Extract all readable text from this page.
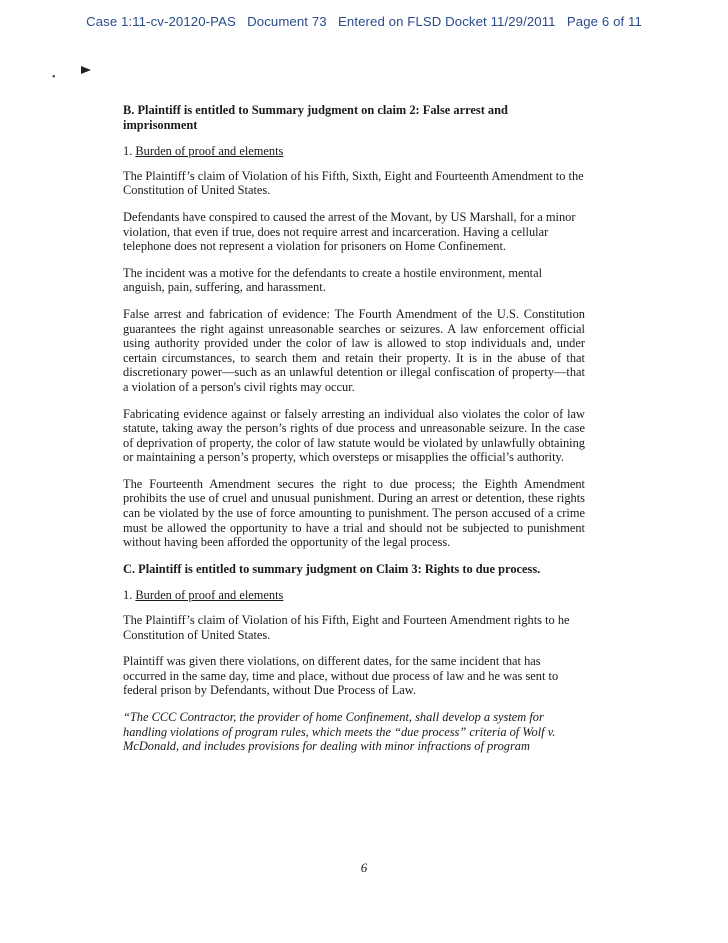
Case 1:11-cv-20120-PAS Document 73 Entered on FLSD Docket 11/29/2011 Page 6 of 11
•

B. Plaintiff is entitled to Summary judgment on claim 2: False arrest and imprisonment

1. Burden of proof and elements

The Plaintiff’s claim of Violation of his Fifth, Sixth, Eight and Fourteenth Amendment to the Constitution of United States.

Defendants have conspired to caused the arrest of the Movant, by US Marshall, for a minor violation, that even if true, does not require arrest and incarceration. Having a cellular telephone does not represent a violation for prisoners on Home Confinement.

The incident was a motive for the defendants to create a hostile environment, mental anguish, pain, suffering, and harassment.

False arrest and fabrication of evidence: The Fourth Amendment of the U.S. Constitution guarantees the right against unreasonable searches or seizures. A law enforcement official using authority provided under the color of law is allowed to stop individuals and, under certain circumstances, to search them and retain their property. It is in the abuse of that discretionary power—such as an unlawful detention or illegal confiscation of property—that a violation of a person's civil rights may occur.

Fabricating evidence against or falsely arresting an individual also violates the color of law statute, taking away the person’s rights of due process and unreasonable seizure. In the case of deprivation of property, the color of law statute would be violated by unlawfully obtaining or maintaining a person’s property, which oversteps or misapplies the official’s authority.

The Fourteenth Amendment secures the right to due process; the Eighth Amendment prohibits the use of cruel and unusual punishment. During an arrest or detention, these rights can be violated by the use of force amounting to punishment. The person accused of a crime must be allowed the opportunity to have a trial and should not be subjected to punishment without having been afforded the opportunity of the legal process.

C. Plaintiff is entitled to summary judgment on Claim 3: Rights to due process.

1. Burden of proof and elements

The Plaintiff’s claim of Violation of his Fifth, Eight and Fourteen Amendment rights to he Constitution of United States.

Plaintiff was given there violations, on different dates, for the same incident that has occurred in the same day, time and place, without due process of law and he was sent to federal prison by Defendants, without Due Process of Law.

“The CCC Contractor, the provider of home Confinement, shall develop a system for handling violations of program rules, which meets the “due process” criteria of Wolf v. McDonald, and includes provisions for dealing with minor infractions of program

6
